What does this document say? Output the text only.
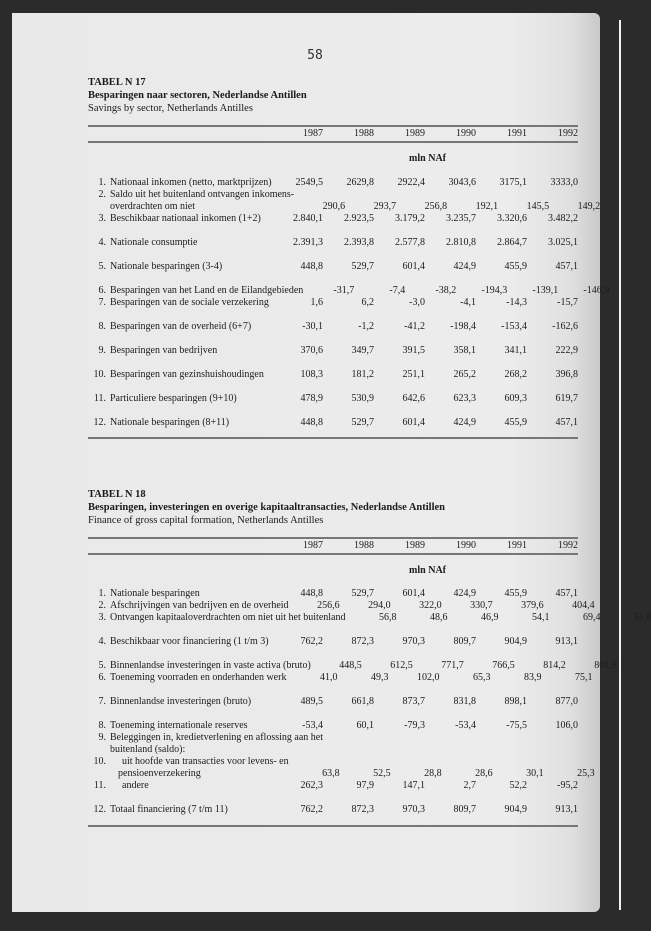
58
TABEL N 17
Besparingen naar sectoren, Nederlandse Antillen
Savings by sector, Netherlands Antilles
1987	1988	1989	1990	1991	1992
mln NAf
1. Nationaal inkomen (netto, marktprijzen)	2549,5	2629,8	2922,4	3043,6	3175,1	3333,0
2. Saldo uit het buitenland ontvangen inkomens-
overdrachten om niet	290,6	293,7	256,8	192,1	145,5	149,2
3. Beschikbaar nationaal inkomen (1+2)	2.840,1	2.923,5	3.179,2	3.235,7	3.320,6	3.482,2
4. Nationale consumptie	2.391,3	2.393,8	2.577,8	2.810,8	2.864,7	3.025,1
5. Nationale besparingen (3-4)	448,8	529,7	601,4	424,9	455,9	457,1
6. Besparingen van het Land en de Eilandgebieden	-31,7	-7,4	-38,2	-194,3	-139,1	-146,9
7. Besparingen van de sociale verzekering	1,6	6,2	-3,0	-4,1	-14,3	-15,7
8. Besparingen van de overheid (6+7)	-30,1	-1,2	-41,2	-198,4	-153,4	-162,6
9. Besparingen van bedrijven	370,6	349,7	391,5	358,1	341,1	222,9
10. Besparingen van gezinshuishoudingen	108,3	181,2	251,1	265,2	268,2	396,8
11. Particuliere besparingen (9+10)	478,9	530,9	642,6	623,3	609,3	619,7
12. Nationale besparingen (8+11)	448,8	529,7	601,4	424,9	455,9	457,1
TABEL N 18
Besparingen, investeringen en overige kapitaaltransacties, Nederlandse Antillen
Finance of gross capital formation, Netherlands Antilles
1987	1988	1989	1990	1991	1992
mln NAf
1. Nationale besparingen	448,8	529,7	601,4	424,9	455,9	457,1
2. Afschrijvingen van bedrijven en de overheid	256,6	294,0	322,0	330,7	379,6	404,4
3. Ontvangen kapitaaloverdrachten om niet uit het buitenland	56,8	48,6	46,9	54,1	69,4	51,6
4. Beschikbaar voor financiering (1 t/m 3)	762,2	872,3	970,3	809,7	904,9	913,1
5. Binnenlandse investeringen in vaste activa (bruto)	448,5	612,5	771,7	766,5	814,2	801,9
6. Toeneming voorraden en onderhanden werk	41,0	49,3	102,0	65,3	83,9	75,1
7. Binnenlandse investeringen (bruto)	489,5	661,8	873,7	831,8	898,1	877,0
8. Toeneming internationale reserves	-53,4	60,1	-79,3	-53,4	-75,5	106,0
9. Beleggingen in, kredietverlening en aflossing aan het
buitenland (saldo):
10. uit hoofde van transacties voor levens- en
pensioenverzekering	63,8	52,5	28,8	28,6	30,1	25,3
11. andere	262,3	97,9	147,1	2,7	52,2	-95,2
12. Totaal financiering (7 t/m 11)	762,2	872,3	970,3	809,7	904,9	913,1
